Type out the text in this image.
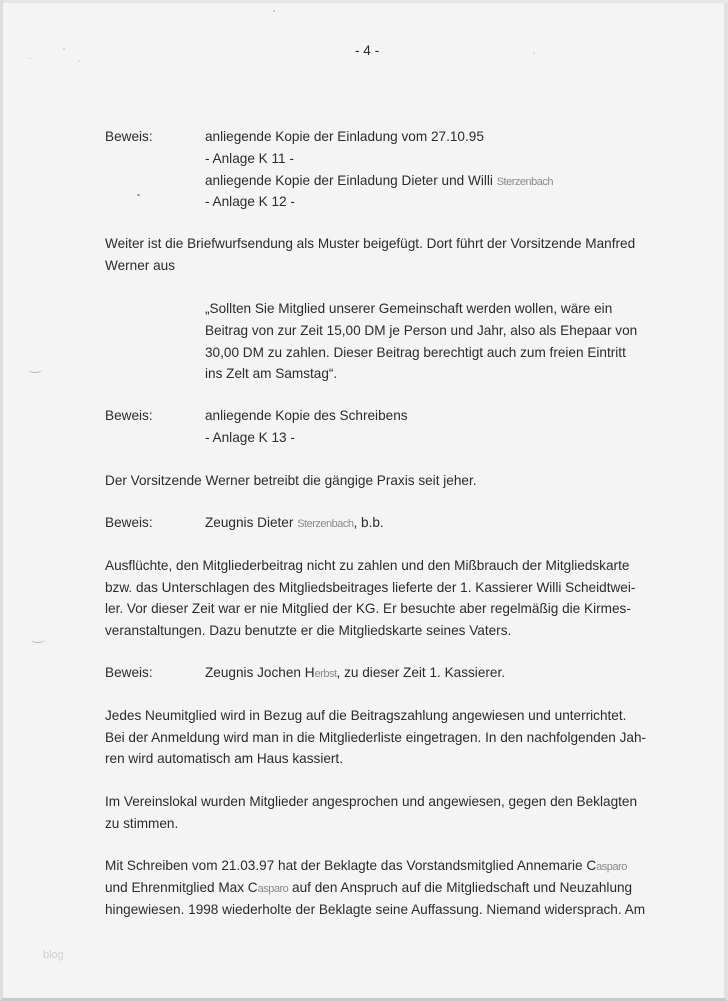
- 4 -
Beweis:	anliegende Kopie der Einladung vom 27.10.95
- Anlage K 11 -
anliegende Kopie der Einladung Dieter und Willi Sterzenbach
- Anlage K 12 -
Weiter ist die Briefwurfsendung als Muster beigefügt. Dort führt der Vorsitzende Manfred
Werner aus
„Sollten Sie Mitglied unserer Gemeinschaft werden wollen, wäre ein
Beitrag von zur Zeit 15,00 DM je Person und Jahr, also als Ehepaar von
30,00 DM zu zahlen. Dieser Beitrag berechtigt auch zum freien Eintritt
ins Zelt am Samstag“.
Beweis:	anliegende Kopie des Schreibens
- Anlage K 13 -
Der Vorsitzende Werner betreibt die gängige Praxis seit jeher.
Beweis:	Zeugnis Dieter Sterzenbach, b.b.
Ausflüchte, den Mitgliederbeitrag nicht zu zahlen und den Mißbrauch der Mitgliedskarte
bzw. das Unterschlagen des Mitgliedsbeitrages lieferte der 1. Kassierer Willi Scheidtwei-
ler. Vor dieser Zeit war er nie Mitglied der KG. Er besuchte aber regelmäßig die Kirmes-
veranstaltungen. Dazu benutzte er die Mitgliedskarte seines Vaters.
Beweis:	Zeugnis Jochen Herbst, zu dieser Zeit 1. Kassierer.
Jedes Neumitglied wird in Bezug auf die Beitragszahlung angewiesen und unterrichtet.
Bei der Anmeldung wird man in die Mitgliederliste eingetragen. In den nachfolgenden Jah-
ren wird automatisch am Haus kassiert.
Im Vereinslokal wurden Mitglieder angesprochen und angewiesen, gegen den Beklagten
zu stimmen.
Mit Schreiben vom 21.03.97 hat der Beklagte das Vorstandsmitglied Annemarie Casparo
und Ehrenmitglied Max Casparo auf den Anspruch auf die Mitgliedschaft und Neuzahlung
hingewiesen. 1998 wiederholte der Beklagte seine Auffassung. Niemand widersprach. Am
blog
